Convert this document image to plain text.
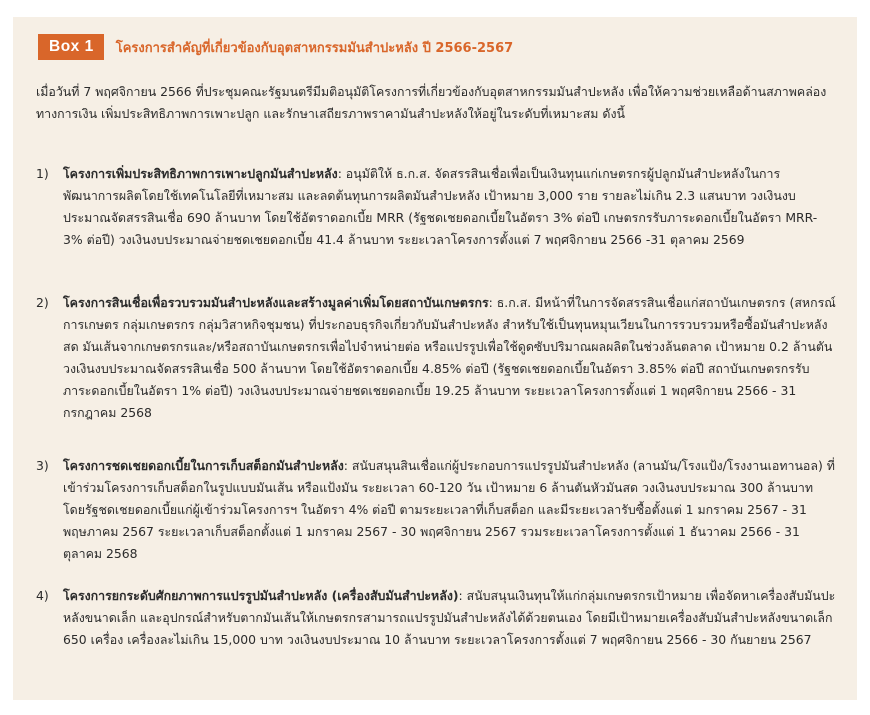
Box 1	โครงการสำคัญที่เกี่ยวข้องกับอุตสาหกรรมมันสำปะหลัง ปี 2566-2567

เมื่อวันที่ 7 พฤศจิกายน 2566 ที่ประชุมคณะรัฐมนตรีมีมติอนุมัติโครงการที่เกี่ยวข้องกับอุตสาหกรรมมันสำปะหลัง เพื่อให้ความช่วยเหลือด้านสภาพคล่องทางการเงิน เพิ่มประสิทธิภาพการเพาะปลูก และรักษาเสถียรภาพราคามันสำปะหลังให้อยู่ในระดับที่เหมาะสม ดังนี้

1) โครงการเพิ่มประสิทธิภาพการเพาะปลูกมันสำปะหลัง: อนุมัติให้ ธ.ก.ส. จัดสรรสินเชื่อเพื่อเป็นเงินทุนแก่เกษตรกรผู้ปลูกมันสำปะหลังในการพัฒนาการผลิตโดยใช้เทคโนโลยีที่เหมาะสม และลดต้นทุนการผลิตมันสำปะหลัง เป้าหมาย 3,000 ราย รายละไม่เกิน 2.3 แสนบาท วงเงินงบประมาณจัดสรรสินเชื่อ 690 ล้านบาท โดยใช้อัตราดอกเบี้ย MRR (รัฐชดเชยดอกเบี้ยในอัตรา 3% ต่อปี เกษตรกรรับภาระดอกเบี้ยในอัตรา MRR-3% ต่อปี) วงเงินงบประมาณจ่ายชดเชยดอกเบี้ย 41.4 ล้านบาท ระยะเวลาโครงการตั้งแต่ 7 พฤศจิกายน 2566 -31 ตุลาคม 2569
2) โครงการสินเชื่อเพื่อรวบรวมมันสำปะหลังและสร้างมูลค่าเพิ่มโดยสถาบันเกษตรกร: ธ.ก.ส. มีหน้าที่ในการจัดสรรสินเชื่อแก่สถาบันเกษตรกร (สหกรณ์การเกษตร กลุ่มเกษตรกร กลุ่มวิสาหกิจชุมชน) ที่ประกอบธุรกิจเกี่ยวกับมันสำปะหลัง สำหรับใช้เป็นทุนหมุนเวียนในการรวบรวมหรือซื้อมันสำปะหลังสด มันเส้นจากเกษตรกรและ/หรือสถาบันเกษตรกรเพื่อไปจำหน่ายต่อ หรือแปรรูปเพื่อใช้ดูดซับปริมาณผลผลิตในช่วงล้นตลาด เป้าหมาย 0.2 ล้านตัน วงเงินงบประมาณจัดสรรสินเชื่อ 500 ล้านบาท โดยใช้อัตราดอกเบี้ย 4.85% ต่อปี (รัฐชดเชยดอกเบี้ยในอัตรา 3.85% ต่อปี สถาบันเกษตรกรรับภาระดอกเบี้ยในอัตรา 1% ต่อปี) วงเงินงบประมาณจ่ายชดเชยดอกเบี้ย 19.25 ล้านบาท ระยะเวลาโครงการตั้งแต่ 1 พฤศจิกายน 2566 - 31 กรกฎาคม 2568
3) โครงการชดเชยดอกเบี้ยในการเก็บสต็อกมันสำปะหลัง: สนับสนุนสินเชื่อแก่ผู้ประกอบการแปรรูปมันสำปะหลัง (ลานมัน/โรงแป้ง/โรงงานเอทานอล) ที่เข้าร่วมโครงการเก็บสต็อกในรูปแบบมันเส้น หรือแป้งมัน ระยะเวลา 60-120 วัน เป้าหมาย 6 ล้านตันหัวมันสด วงเงินงบประมาณ 300 ล้านบาท โดยรัฐชดเชยดอกเบี้ยแก่ผู้เข้าร่วมโครงการฯ ในอัตรา 4% ต่อปี ตามระยะเวลาที่เก็บสต็อก และมีระยะเวลารับซื้อตั้งแต่ 1 มกราคม 2567 - 31 พฤษภาคม 2567 ระยะเวลาเก็บสต็อกตั้งแต่ 1 มกราคม 2567 - 30 พฤศจิกายน 2567 รวมระยะเวลาโครงการตั้งแต่ 1 ธันวาคม 2566 - 31 ตุลาคม 2568
4) โครงการยกระดับศักยภาพการแปรรูปมันสำปะหลัง (เครื่องสับมันสำปะหลัง): สนับสนุนเงินทุนให้แก่กลุ่มเกษตรกรเป้าหมาย เพื่อจัดหาเครื่องสับมันปะหลังขนาดเล็ก และอุปกรณ์สำหรับตากมันเส้นให้เกษตรกรสามารถแปรรูปมันสำปะหลังได้ด้วยตนเอง โดยมีเป้าหมายเครื่องสับมันสำปะหลังขนาดเล็ก 650 เครื่อง เครื่องละไม่เกิน 15,000 บาท วงเงินงบประมาณ 10 ล้านบาท ระยะเวลาโครงการตั้งแต่ 7 พฤศจิกายน 2566 - 30 กันยายน 2567
